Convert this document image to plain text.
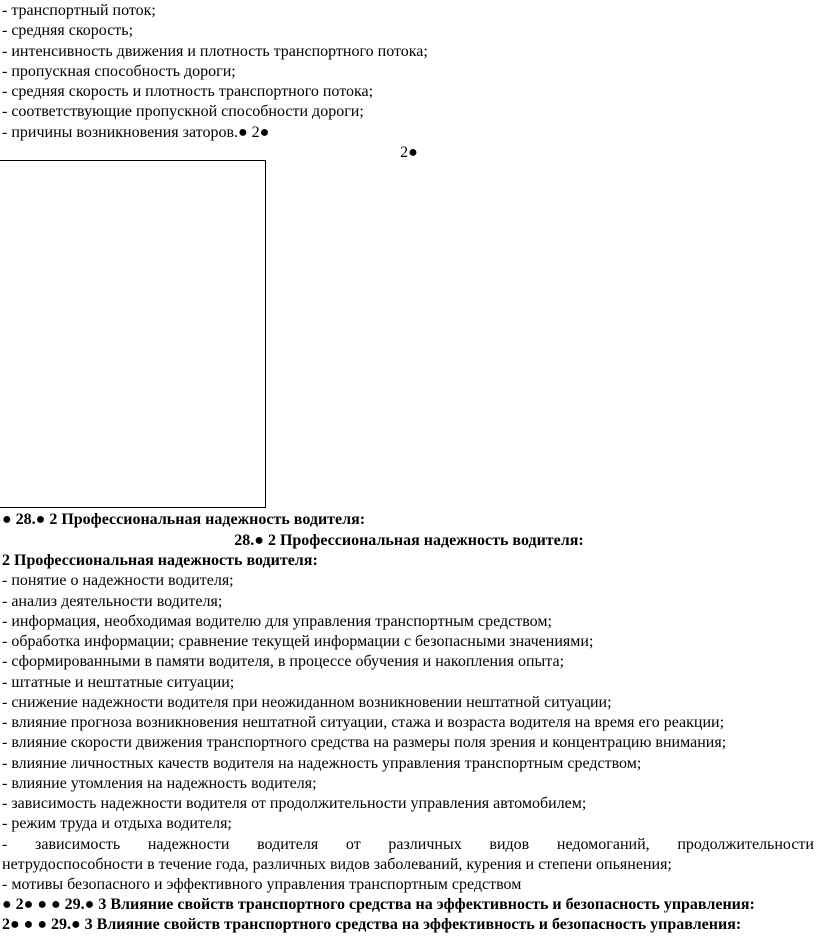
- транспортный поток;
- средняя скорость;
- интенсивность движения и плотность транспортного потока;
- пропускная способность дороги;
- средняя скорость и плотность транспортного потока;
- соответствующие пропускной способности дороги;
- причины возникновения заторов.● 2●
2●
● 28.● 2 Профессиональная надежность водителя:
28.● 2 Профессиональная надежность водителя:
2 Профессиональная надежность водителя:
- понятие о надежности водителя;
- анализ деятельности водителя;
- информация, необходимая водителю для управления транспортным средством;
- обработка информации; сравнение текущей информации с безопасными значениями;
- сформированными в памяти водителя, в процессе обучения и накопления опыта;
- штатные и нештатные ситуации;
- снижение надежности водителя при неожиданном возникновении нештатной ситуации;
- влияние прогноза возникновения нештатной ситуации, стажа и возраста водителя на время его реакции;
- влияние скорости движения транспортного средства на размеры поля зрения и концентрацию внимания;
- влияние личностных качеств водителя на надежность управления транспортным средством;
- влияние утомления на надежность водителя;
- зависимость надежности водителя от продолжительности управления автомобилем;
- режим труда и отдыха водителя;
- зависимость надежности водителя от различных видов недомоганий, продолжительности
нетрудоспособности в течение года, различных видов заболеваний, курения и степени опьянения;
- мотивы безопасного и эффективного управления транспортным средством
● 2● ● ● 29.● 3 Влияние свойств транспортного средства на эффективность и безопасность управления:
2● ● ● 29.● 3 Влияние свойств транспортного средства на эффективность и безопасность управления:
